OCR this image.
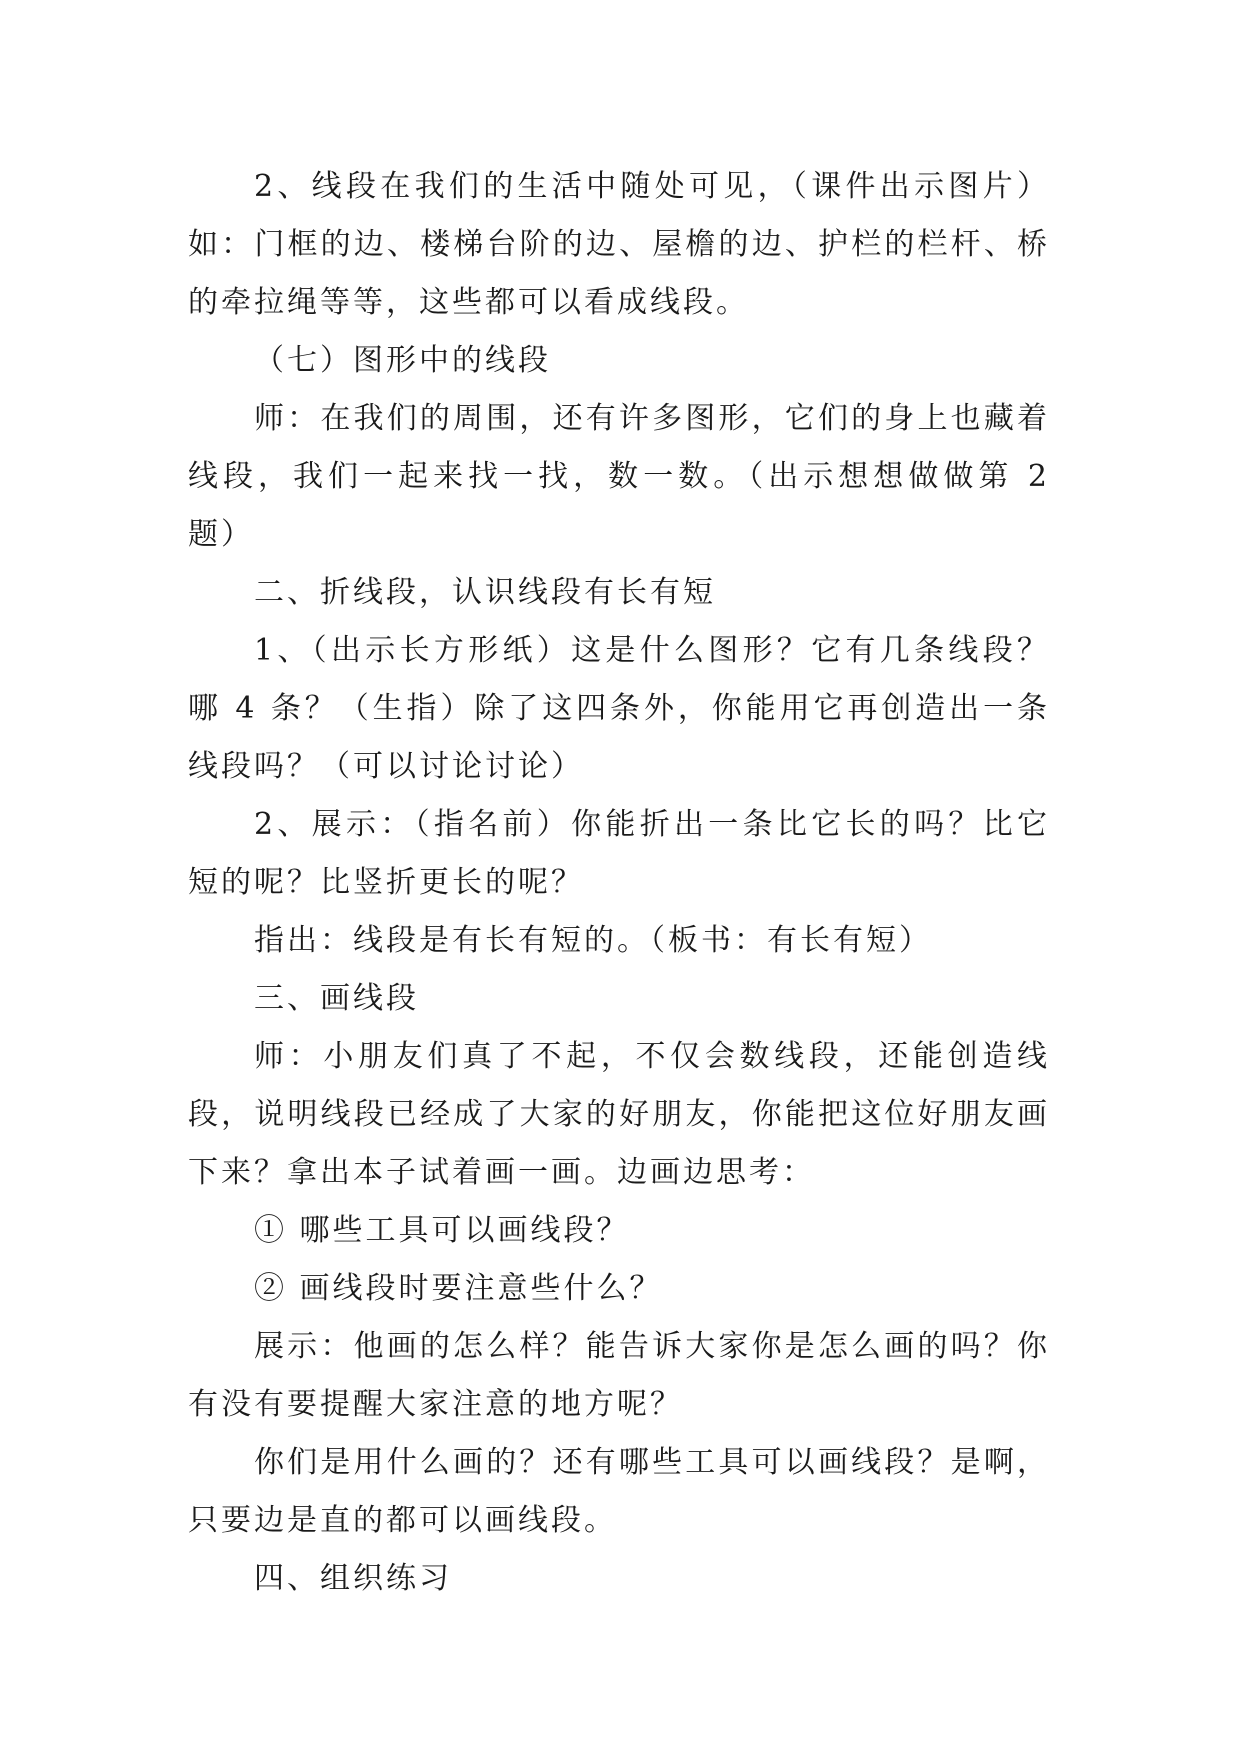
2、线段在我们的生活中随处可见，（课件出示图片）如：门框的边、楼梯台阶的边、屋檐的边、护栏的栏杆、桥的牵拉绳等等，这些都可以看成线段。

（七）图形中的线段

师：在我们的周围，还有许多图形，它们的身上也藏着线段，我们一起来找一找，数一数。（出示想想做做第 2 题）

二、折线段，认识线段有长有短

1、（出示长方形纸）这是什么图形？它有几条线段？哪 4 条？（生指）除了这四条外，你能用它再创造出一条线段吗？（可以讨论讨论）

2、展示：（指名前）你能折出一条比它长的吗？比它短的呢？比竖折更长的呢？

指出：线段是有长有短的。（板书：有长有短）

三、画线段

师：小朋友们真了不起，不仅会数线段，还能创造线段，说明线段已经成了大家的好朋友，你能把这位好朋友画下来？拿出本子试着画一画。边画边思考：

① 哪些工具可以画线段？

② 画线段时要注意些什么？

展示：他画的怎么样？能告诉大家你是怎么画的吗？你有没有要提醒大家注意的地方呢？

你们是用什么画的？还有哪些工具可以画线段？是啊，只要边是直的都可以画线段。

四、组织练习
